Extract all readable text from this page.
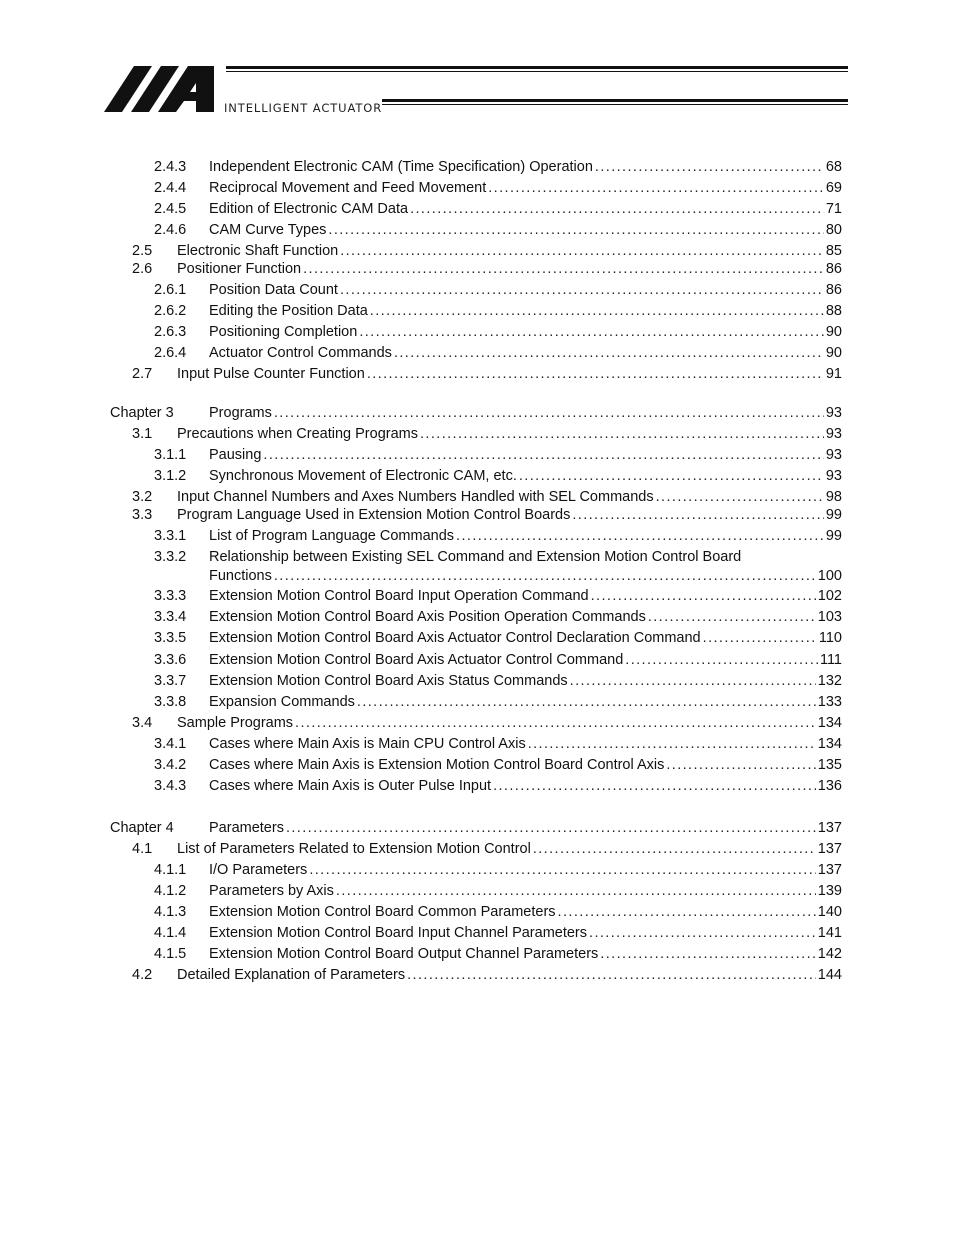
INTELLIGENT ACTUATOR
2.4.3 Independent Electronic CAM (Time Specification) Operation .....	68
2.4.4 Reciprocal Movement and Feed Movement .....	69
2.4.5 Edition of Electronic CAM Data .....	71
2.4.6 CAM Curve Types .....	80
2.5 Electronic Shaft Function .....	85
2.6 Positioner Function .....	86
2.6.1 Position Data Count .....	86
2.6.2 Editing the Position Data .....	88
2.6.3 Positioning Completion .....	90
2.6.4 Actuator Control Commands .....	90
2.7 Input Pulse Counter Function .....	91
Chapter 3 Programs .....	93
3.1 Precautions when Creating Programs .....	93
3.1.1 Pausing .....	93
3.1.2 Synchronous Movement of Electronic CAM, etc. .....	93
3.2 Input Channel Numbers and Axes Numbers Handled with SEL Commands .....	98
3.3 Program Language Used in Extension Motion Control Boards .....	99
3.3.1 List of Program Language Commands .....	99
3.3.2 Relationship between Existing SEL Command and Extension Motion Control Board
Functions .....	100
3.3.3 Extension Motion Control Board Input Operation Command .....	102
3.3.4 Extension Motion Control Board Axis Position Operation Commands .....	103
3.3.5 Extension Motion Control Board Axis Actuator Control Declaration Command .....	110
3.3.6 Extension Motion Control Board Axis Actuator Control Command .....	111
3.3.7 Extension Motion Control Board Axis Status Commands .....	132
3.3.8 Expansion Commands .....	133
3.4 Sample Programs .....	134
3.4.1 Cases where Main Axis is Main CPU Control Axis .....	134
3.4.2 Cases where Main Axis is Extension Motion Control Board Control Axis .....	135
3.4.3 Cases where Main Axis is Outer Pulse Input .....	136
Chapter 4 Parameters .....	137
4.1 List of Parameters Related to Extension Motion Control .....	137
4.1.1 I/O Parameters .....	137
4.1.2 Parameters by Axis .....	139
4.1.3 Extension Motion Control Board Common Parameters .....	140
4.1.4 Extension Motion Control Board Input Channel Parameters .....	141
4.1.5 Extension Motion Control Board Output Channel Parameters .....	142
4.2 Detailed Explanation of Parameters .....	144
